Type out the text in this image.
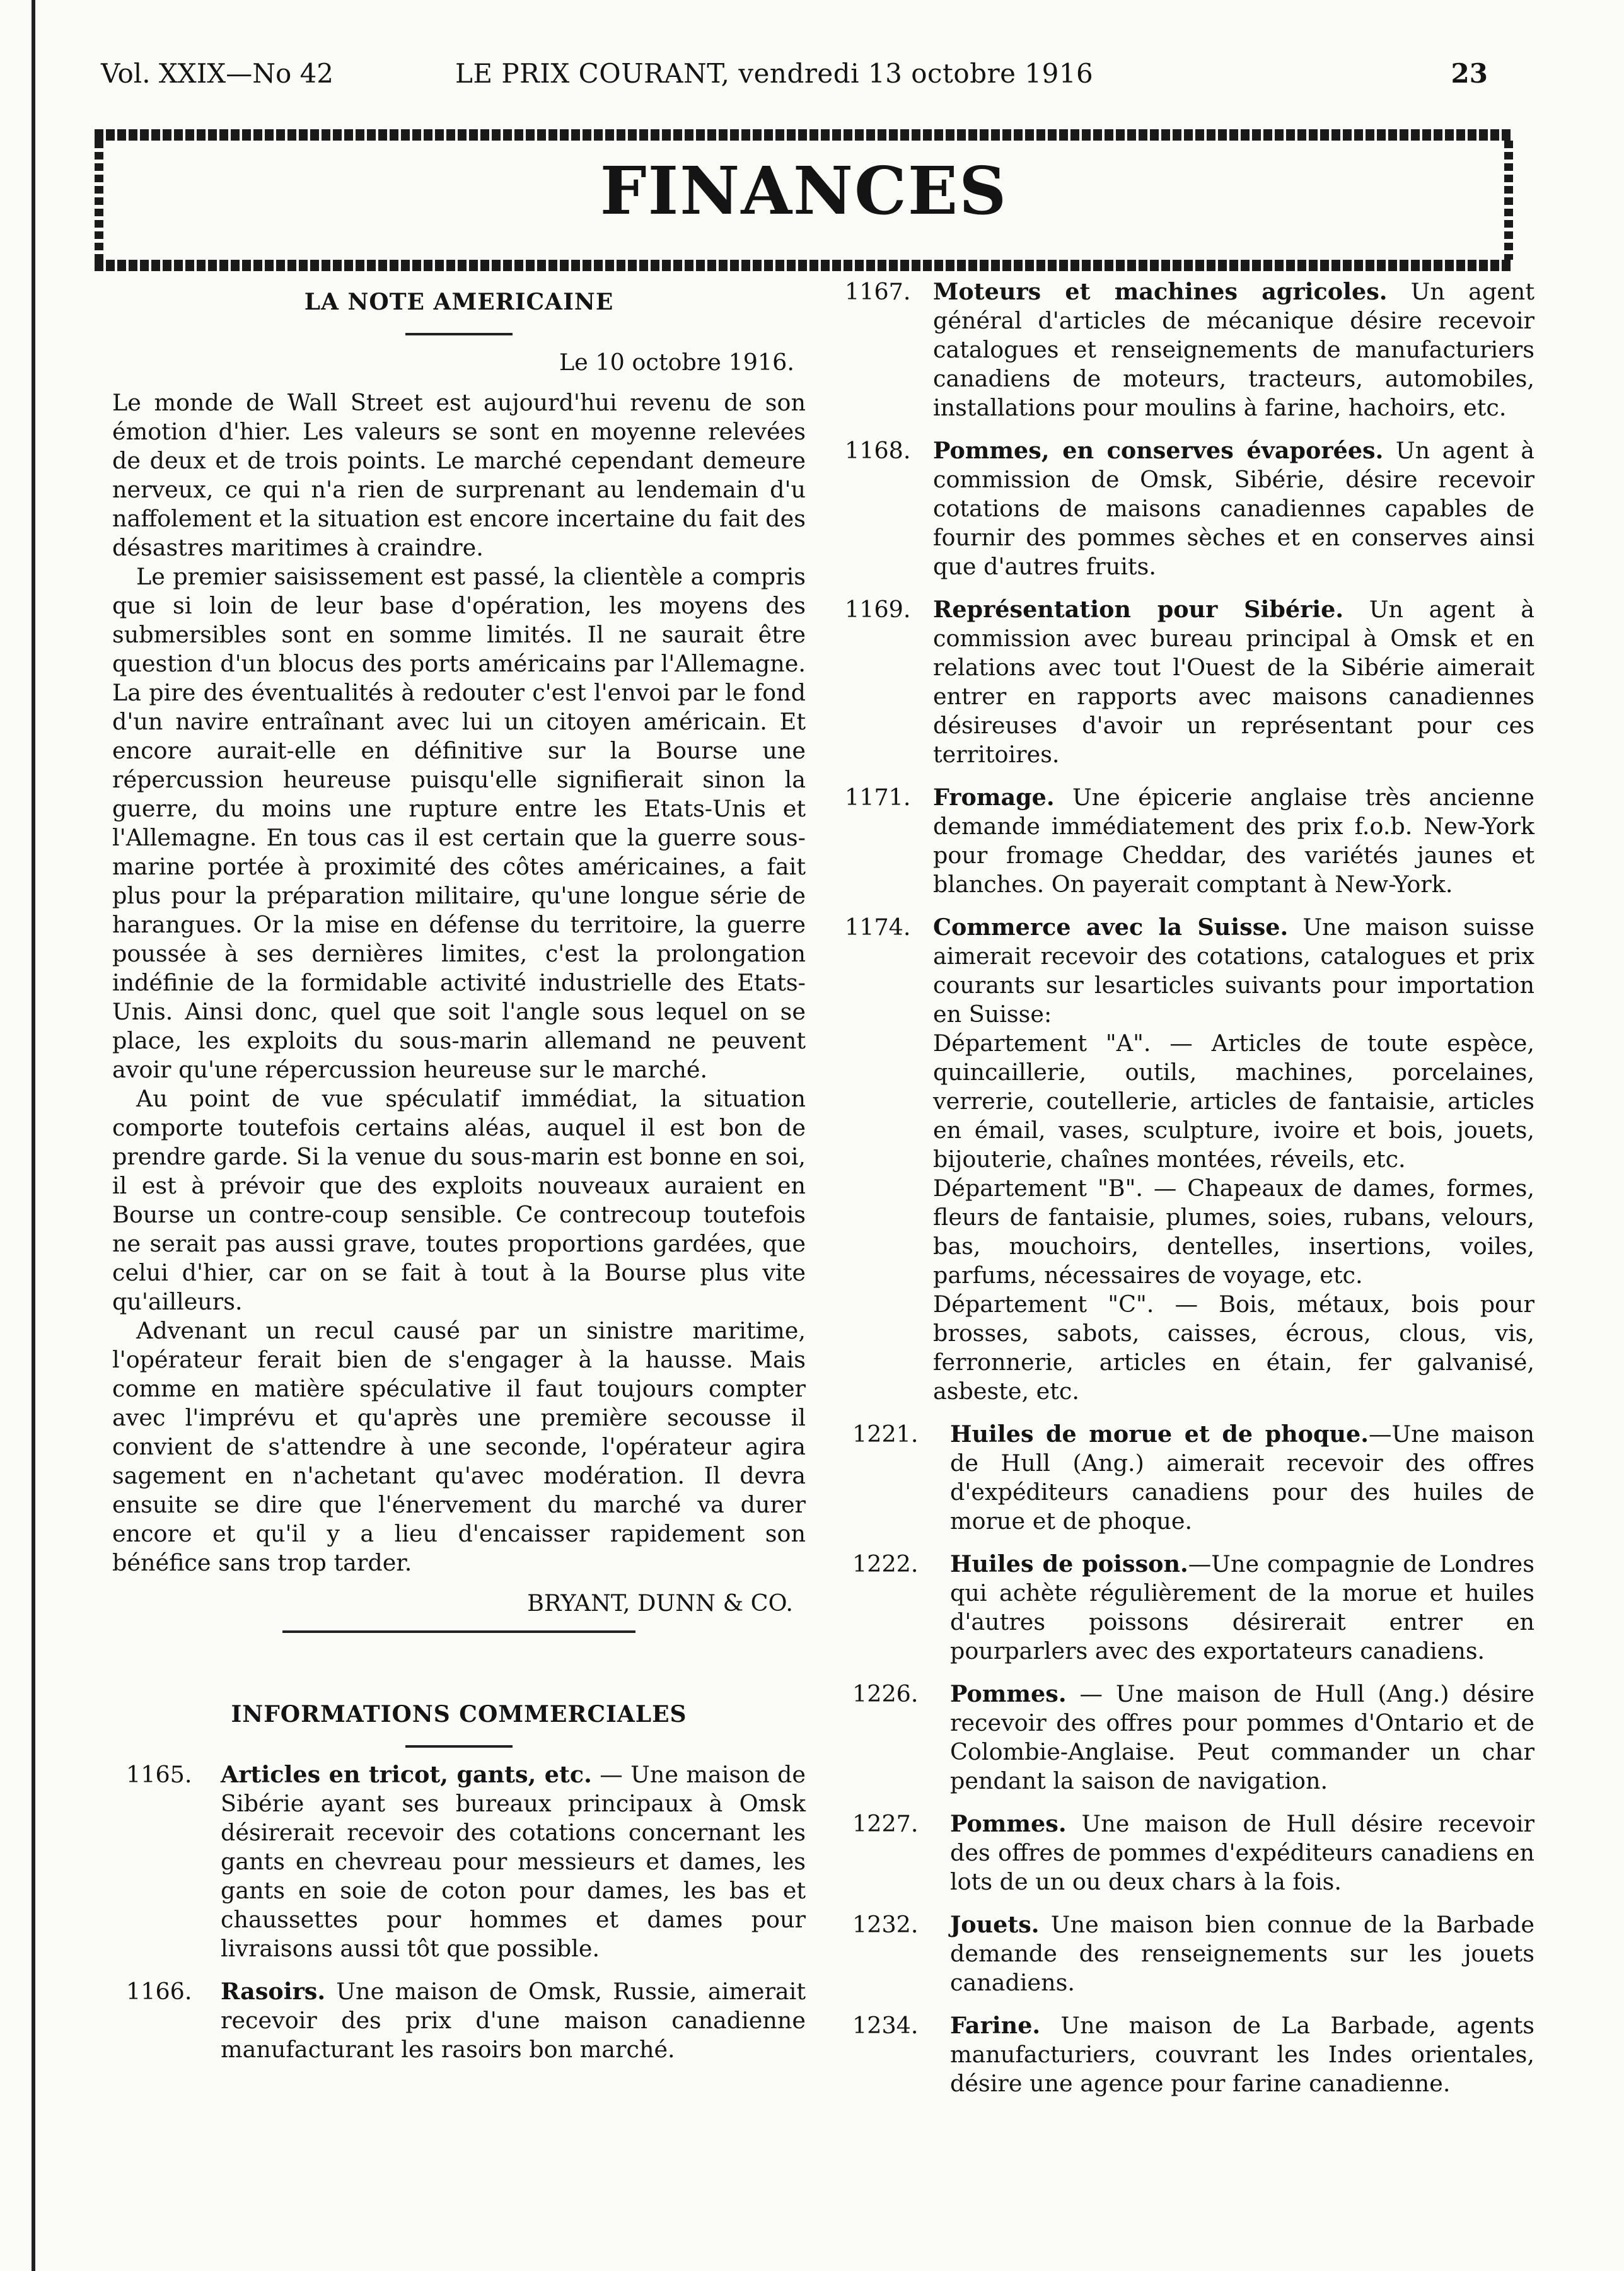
Vol. XXIX—No 42	LE PRIX COURANT, vendredi 13 octobre 1916	23
FINANCES
LA NOTE AMERICAINE
Le 10 octobre 1916.

Le monde de Wall Street est aujourd'hui revenu de son émotion d'hier. Les valeurs se sont en moyenne relevées de deux et de trois points. Le marché cependant demeure nerveux, ce qui n'a rien de surprenant au lendemain d'u naffolement et la situation est encore incertaine du fait des désastres maritimes à craindre.

Le premier saisissement est passé, la clientèle a compris que si loin de leur base d'opération, les moyens des submersibles sont en somme limités. Il ne saurait être question d'un blocus des ports américains par l'Allemagne. La pire des éventualités à redouter c'est l'envoi par le fond d'un navire entraînant avec lui un citoyen américain. Et encore aurait-elle en définitive sur la Bourse une répercussion heureuse puisqu'elle signifierait sinon la guerre, du moins une rupture entre les Etats-Unis et l'Allemagne. En tous cas il est certain que la guerre sous-marine portée à proximité des côtes américaines, a fait plus pour la préparation militaire, qu'une longue série de harangues. Or la mise en défense du territoire, la guerre poussée à ses dernières limites, c'est la prolongation indéfinie de la formidable activité industrielle des Etats-Unis. Ainsi donc, quel que soit l'angle sous lequel on se place, les exploits du sous-marin allemand ne peuvent avoir qu'une répercussion heureuse sur le marché.

Au point de vue spéculatif immédiat, la situation comporte toutefois certains aléas, auquel il est bon de prendre garde. Si la venue du sous-marin est bonne en soi, il est à prévoir que des exploits nouveaux auraient en Bourse un contre-coup sensible. Ce contrecoup toutefois ne serait pas aussi grave, toutes proportions gardées, que celui d'hier, car on se fait à tout à la Bourse plus vite qu'ailleurs.

Advenant un recul causé par un sinistre maritime, l'opérateur ferait bien de s'engager à la hausse. Mais comme en matière spéculative il faut toujours compter avec l'imprévu et qu'après une première secousse il convient de s'attendre à une seconde, l'opérateur agira sagement en n'achetant qu'avec modération. Il devra ensuite se dire que l'énervement du marché va durer encore et qu'il y a lieu d'encaisser rapidement son bénéfice sans trop tarder.

BRYANT, DUNN & CO.
INFORMATIONS COMMERCIALES
1165.	Articles en tricot, gants, etc. — Une maison de Sibérie ayant ses bureaux principaux à Omsk désirerait recevoir des cotations concernant les gants en chevreau pour messieurs et dames, les gants en soie de coton pour dames, les bas et chaussettes pour hommes et dames pour livraisons aussi tôt que possible.
1166.	Rasoirs. Une maison de Omsk, Russie, aimerait recevoir des prix d'une maison canadienne manufacturant les rasoirs bon marché.
1167. Moteurs et machines agricoles. Un agent général d'articles de mécanique désire recevoir catalogues et renseignements de manufacturiers canadiens de moteurs, tracteurs, automobiles, installations pour moulins à farine, hachoirs, etc.
1168. Pommes, en conserves évaporées. Un agent à commission de Omsk, Sibérie, désire recevoir cotations de maisons canadiennes capables de fournir des pommes sèches et en conserves ainsi que d'autres fruits.
1169. Représentation pour Sibérie. Un agent à commission avec bureau principal à Omsk et en relations avec tout l'Ouest de la Sibérie aimerait entrer en rapports avec maisons canadiennes désireuses d'avoir un représentant pour ces territoires.
1171. Fromage. Une épicerie anglaise très ancienne demande immédiatement des prix f.o.b. New-York pour fromage Cheddar, des variétés jaunes et blanches. On payerait comptant à New-York.
1174. Commerce avec la Suisse. Une maison suisse aimerait recevoir des cotations, catalogues et prix courants sur lesarticles suivants pour importation en Suisse:
Département "A". — Articles de toute espèce, quincaillerie, outils, machines, porcelaines, verrerie, coutellerie, articles de fantaisie, articles en émail, vases, sculpture, ivoire et bois, jouets, bijouterie, chaînes montées, réveils, etc.
Département "B". — Chapeaux de dames, formes, fleurs de fantaisie, plumes, soies, rubans, velours, bas, mouchoirs, dentelles, insertions, voiles, parfums, nécessaires de voyage, etc.
Département "C". — Bois, métaux, bois pour brosses, sabots, caisses, écrous, clous, vis, ferronnerie, articles en étain, fer galvanisé, asbeste, etc.
1221.	Huiles de morue et de phoque.—Une maison de Hull (Ang.) aimerait recevoir des offres d'expéditeurs canadiens pour des huiles de morue et de phoque.
1222.	Huiles de poisson.—Une compagnie de Londres qui achète régulièrement de la morue et huiles d'autres poissons désirerait entrer en pourparlers avec des exportateurs canadiens.
1226.	Pommes. — Une maison de Hull (Ang.) désire recevoir des offres pour pommes d'Ontario et de Colombie-Anglaise. Peut commander un char pendant la saison de navigation.
1227.	Pommes. Une maison de Hull désire recevoir des offres de pommes d'expéditeurs canadiens en lots de un ou deux chars à la fois.
1232.	Jouets. Une maison bien connue de la Barbade demande des renseignements sur les jouets canadiens.
1234.	Farine. Une maison de La Barbade, agents manufacturiers, couvrant les Indes orientales, désire une agence pour farine canadienne.
